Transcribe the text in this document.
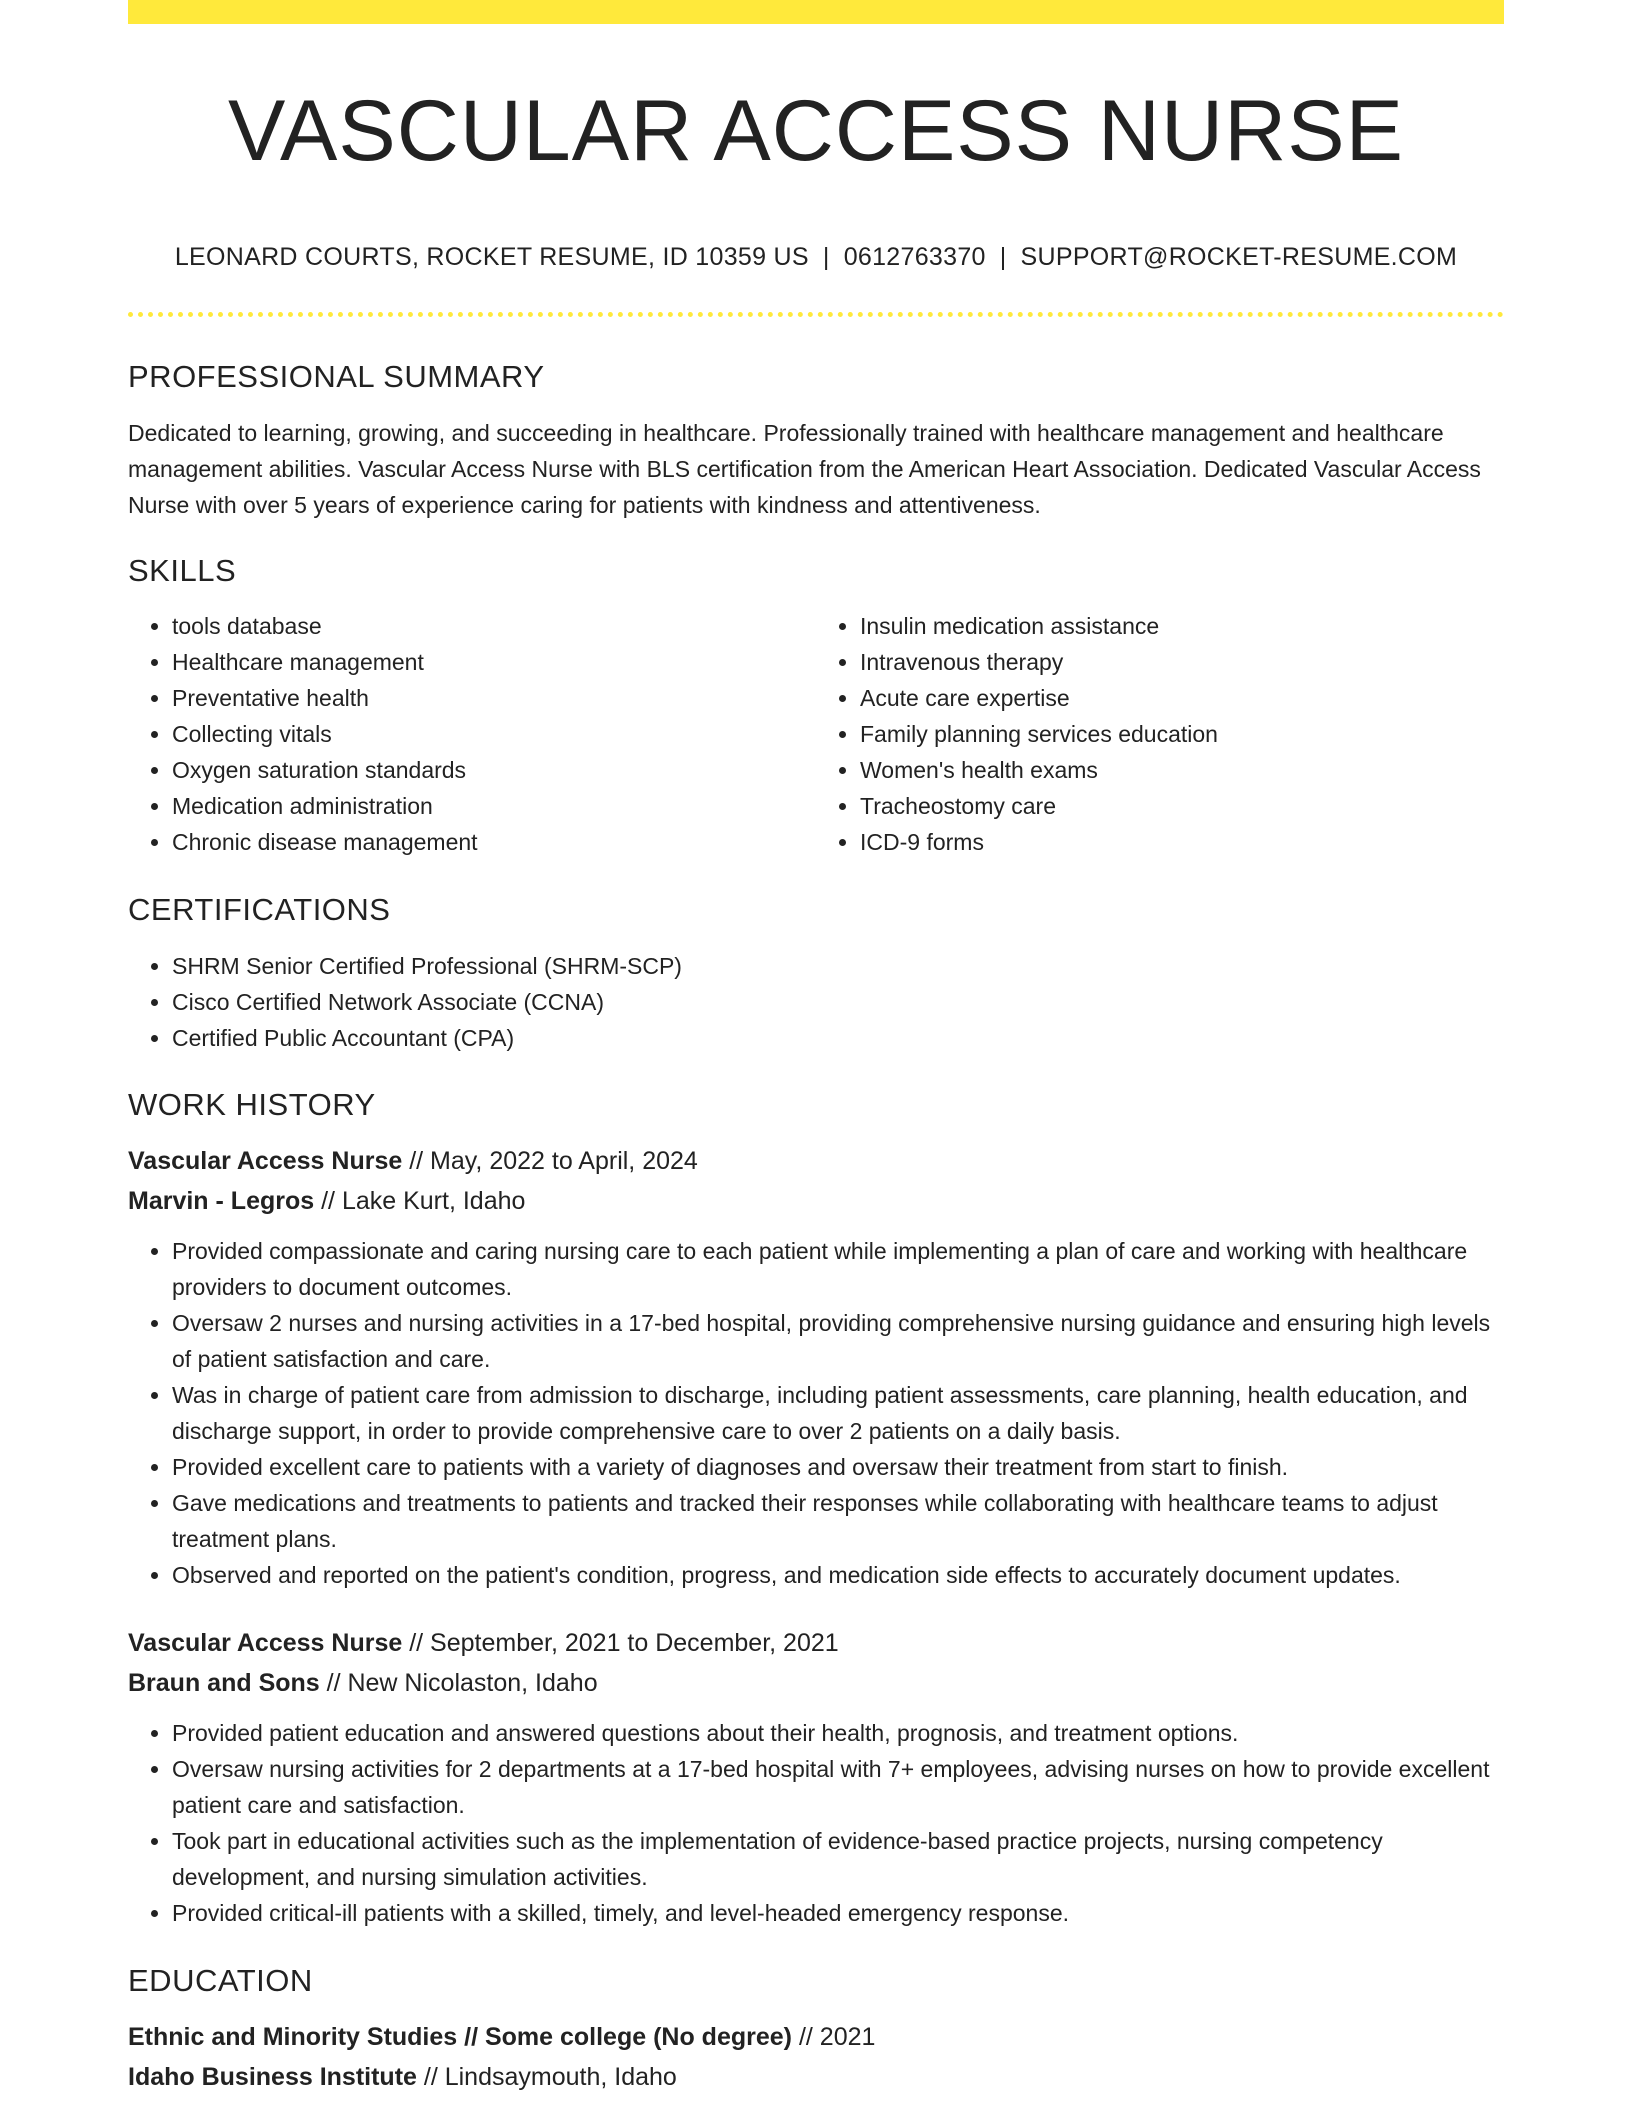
VASCULAR ACCESS NURSE
LEONARD COURTS, ROCKET RESUME, ID 10359 US | 0612763370 | SUPPORT@ROCKET-RESUME.COM
PROFESSIONAL SUMMARY

Dedicated to learning, growing, and succeeding in healthcare. Professionally trained with healthcare management and healthcare management abilities. Vascular Access Nurse with BLS certification from the American Heart Association. Dedicated Vascular Access Nurse with over 5 years of experience caring for patients with kindness and attentiveness.

SKILLS
• tools database
• Healthcare management
• Preventative health
• Collecting vitals
• Oxygen saturation standards
• Medication administration
• Chronic disease management
• Insulin medication assistance
• Intravenous therapy
• Acute care expertise
• Family planning services education
• Women's health exams
• Tracheostomy care
• ICD-9 forms
CERTIFICATIONS
• SHRM Senior Certified Professional (SHRM-SCP)
• Cisco Certified Network Associate (CCNA)
• Certified Public Accountant (CPA)
WORK HISTORY
Vascular Access Nurse // May, 2022 to April, 2024
Marvin - Legros // Lake Kurt, Idaho
• Provided compassionate and caring nursing care to each patient while implementing a plan of care and working with healthcare providers to document outcomes.
• Oversaw 2 nurses and nursing activities in a 17-bed hospital, providing comprehensive nursing guidance and ensuring high levels of patient satisfaction and care.
• Was in charge of patient care from admission to discharge, including patient assessments, care planning, health education, and discharge support, in order to provide comprehensive care to over 2 patients on a daily basis.
• Provided excellent care to patients with a variety of diagnoses and oversaw their treatment from start to finish.
• Gave medications and treatments to patients and tracked their responses while collaborating with healthcare teams to adjust treatment plans.
• Observed and reported on the patient's condition, progress, and medication side effects to accurately document updates.
Vascular Access Nurse // September, 2021 to December, 2021
Braun and Sons // New Nicolaston, Idaho
• Provided patient education and answered questions about their health, prognosis, and treatment options.
• Oversaw nursing activities for 2 departments at a 17-bed hospital with 7+ employees, advising nurses on how to provide excellent patient care and satisfaction.
• Took part in educational activities such as the implementation of evidence-based practice projects, nursing competency development, and nursing simulation activities.
• Provided critical-ill patients with a skilled, timely, and level-headed emergency response.
EDUCATION
Ethnic and Minority Studies // Some college (No degree) // 2021
Idaho Business Institute // Lindsaymouth, Idaho
